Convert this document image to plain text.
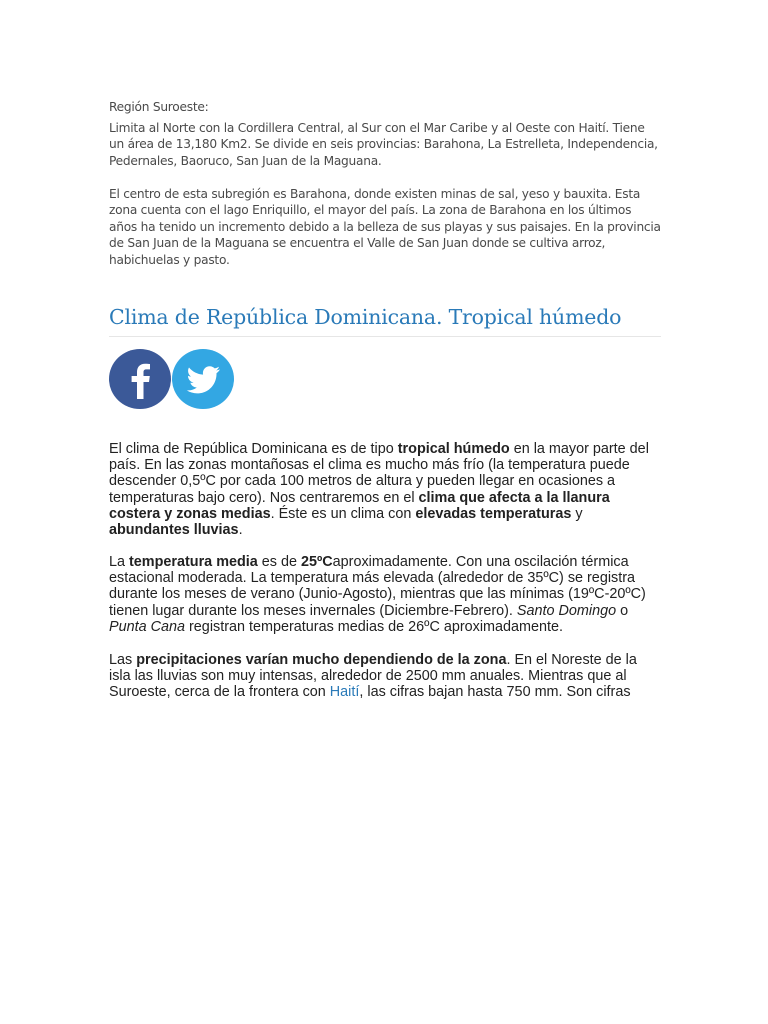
Región Suroeste:

Limita al Norte con la Cordillera Central, al Sur con el Mar Caribe y al Oeste con Haití. Tiene un área de 13,180 Km2. Se divide en seis provincias: Barahona, La Estrelleta, Independencia, Pedernales, Baoruco, San Juan de la Maguana.

El centro de esta subregión es Barahona, donde existen minas de sal, yeso y bauxita. Esta zona cuenta con el lago Enriquillo, el mayor del país. La zona de Barahona en los últimos años ha tenido un incremento debido a la belleza de sus playas y sus paisajes. En la provincia de San Juan de la Maguana se encuentra el Valle de San Juan donde se cultiva arroz, habichuelas y pasto.

Clima de República Dominicana. Tropical húmedo

El clima de República Dominicana es de tipo tropical húmedo en la mayor parte del país. En las zonas montañosas el clima es mucho más frío (la temperatura puede descender 0,5ºC por cada 100 metros de altura y pueden llegar en ocasiones a temperaturas bajo cero). Nos centraremos en el clima que afecta a la llanura costera y zonas medias. Éste es un clima con elevadas temperaturas y abundantes lluvias.

La temperatura media es de 25ºCaproximadamente. Con una oscilación térmica estacional moderada. La temperatura más elevada (alrededor de 35ºC) se registra durante los meses de verano (Junio-Agosto), mientras que las mínimas (19ºC-20ºC) tienen lugar durante los meses invernales (Diciembre-Febrero). Santo Domingo o Punta Cana registran temperaturas medias de 26ºC aproximadamente.

Las precipitaciones varían mucho dependiendo de la zona. En el Noreste de la isla las lluvias son muy intensas, alrededor de 2500 mm anuales. Mientras que al Suroeste, cerca de la frontera con Haití, las cifras bajan hasta 750 mm. Son cifras
